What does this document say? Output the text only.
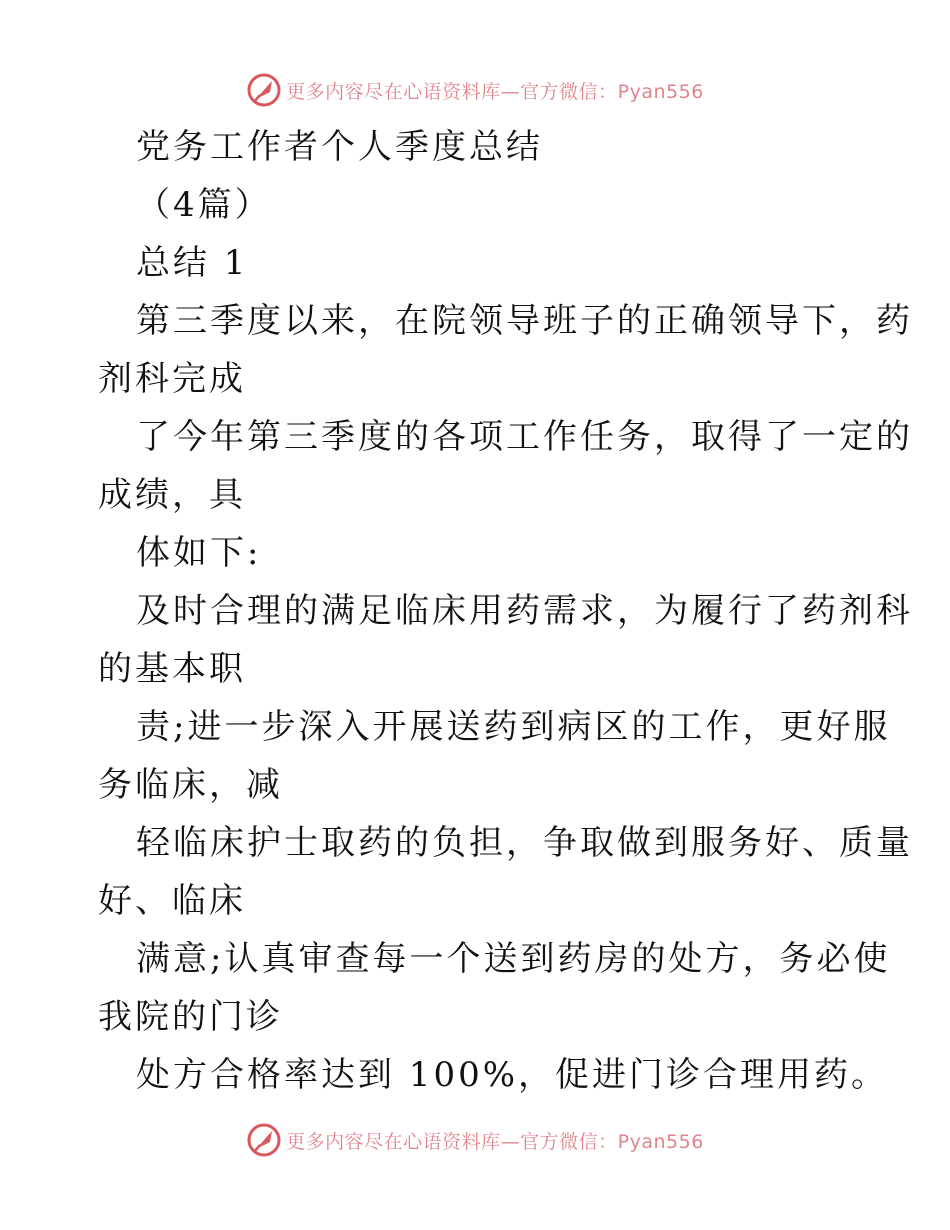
更多内容尽在心语资料库—官方微信：Pyan556
党务工作者个人季度总结
（4篇）
总结 1
第三季度以来，在院领导班子的正确领导下，药
剂科完成
了今年第三季度的各项工作任务，取得了一定的
成绩，具
体如下:
及时合理的满足临床用药需求，为履行了药剂科
的基本职
责;进一步深入开展送药到病区的工作，更好服
务临床，减
轻临床护士取药的负担，争取做到服务好、质量
好、临床
满意;认真审查每一个送到药房的处方，务必使
我院的门诊
处方合格率达到 100%，促进门诊合理用药。
更多内容尽在心语资料库—官方微信：Pyan556
